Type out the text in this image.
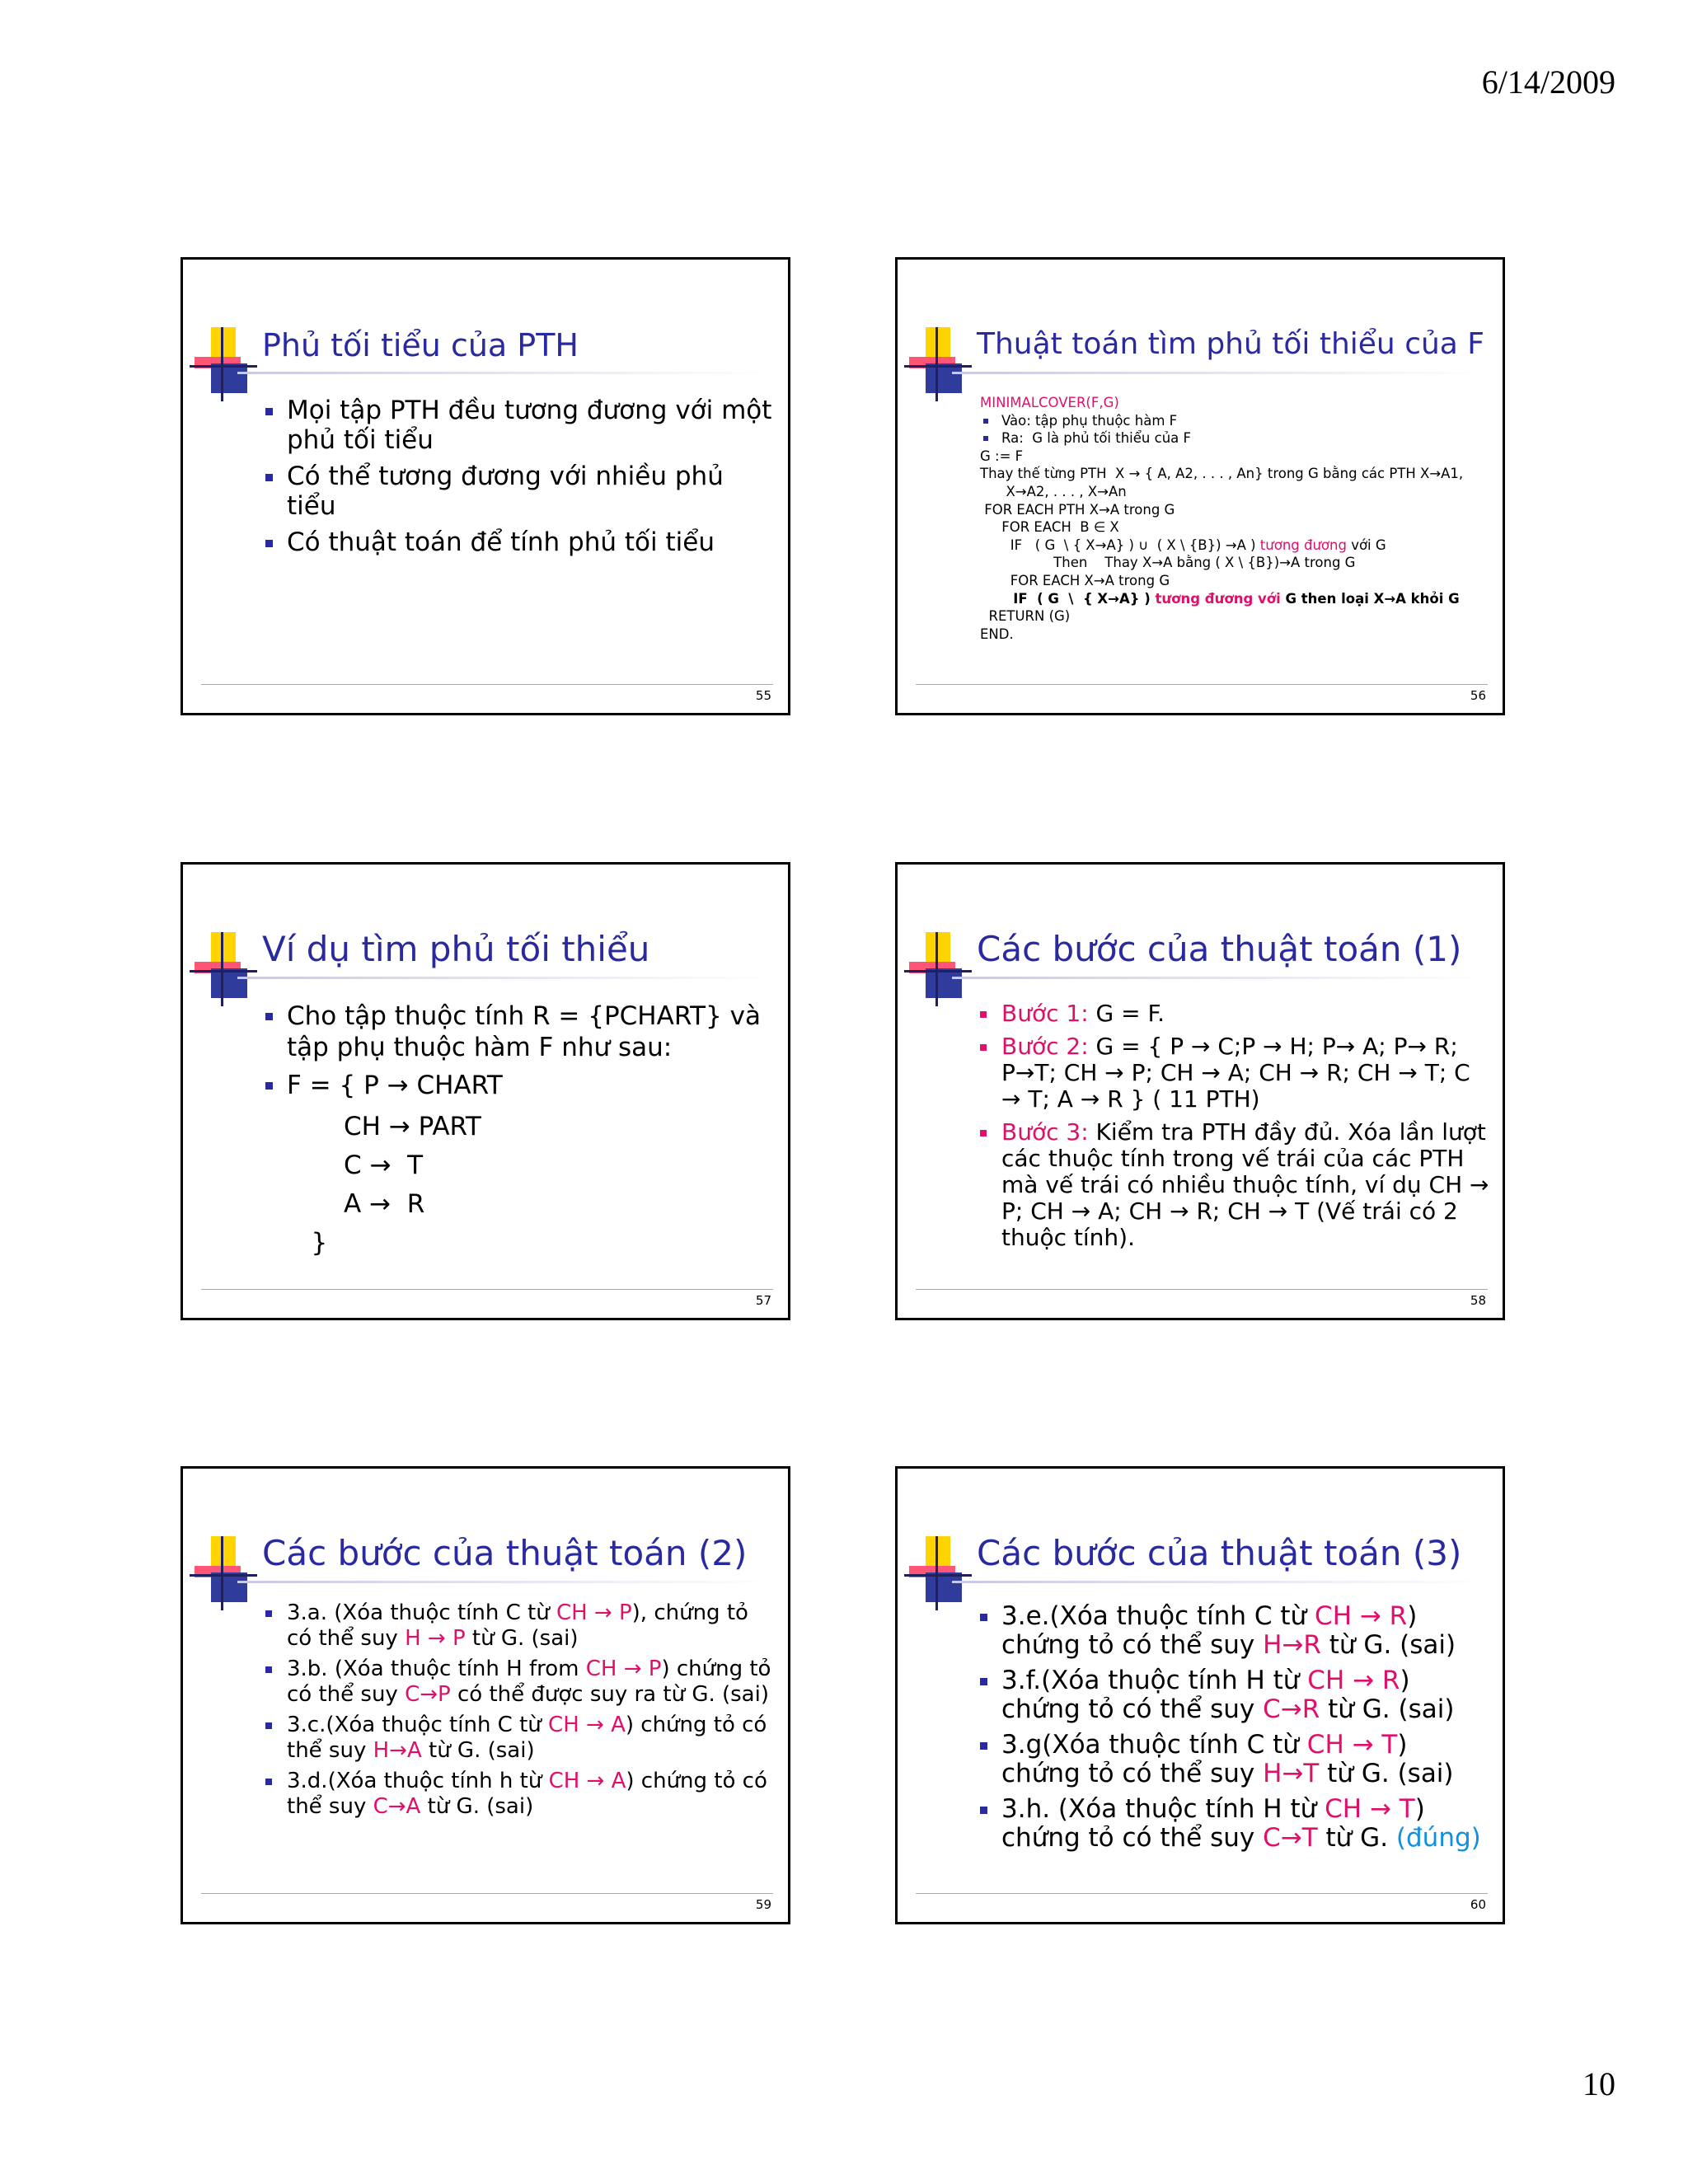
6/14/2009
Phủ tối tiểu của PTH
Mọi tập PTH đều tương đương với một phủ tối tiểu
Có thể tương đương với nhiều phủ tiểu
Có thuật toán để tính phủ tối tiểu
55
Thuật toán tìm phủ tối thiểu của F
MINIMALCOVER(F,G)

Vào: tập phụ thuộc hàm F
Ra:  G là phủ tối thiểu của F
G := F
Thay thế từng PTH  X → { A, A2, . . . , An} trong G bằng các PTH X→A1,
X→A2, . . . , X→An
FOR EACH PTH X→A trong G
FOR EACH  B ∈ X
IF   ( G  \ { X→A} ) ∪  ( X \ {B}) →A ) tương đương với G
Then    Thay X→A bằng ( X \ {B})→A trong G
FOR EACH X→A trong G
IF  ( G  \  { X→A} ) tương đương với G then loại X→A khỏi G
RETURN (G)
END.
56
Ví dụ tìm phủ tối thiểu
Cho tập thuộc tính R = {PCHART} và tập phụ thuộc hàm F như sau:
F = { P → CHART
CH → PART
C →  T
A →  R
}
57
Các bước của thuật toán (1)
Bước 1: G = F.
Bước 2: G = { P → C;P → H; P→ A; P→ R; P→T; CH → P; CH → A; CH → R; CH → T; C → T; A → R } ( 11 PTH)
Bước 3: Kiểm tra PTH đầy đủ. Xóa lần lượt các thuộc tính trong vế trái của các PTH mà vế trái có nhiều thuộc tính, ví dụ CH → P; CH → A; CH → R; CH → T (Vế trái có 2 thuộc tính).
58
Các bước của thuật toán (2)
3.a. (Xóa thuộc tính C từ CH → P), chứng tỏ có thể suy H → P từ G. (sai)
3.b. (Xóa thuộc tính H from CH → P) chứng tỏ có thể suy C→P có thể được suy ra từ G. (sai)
3.c.(Xóa thuộc tính C từ CH → A) chứng tỏ có thể suy H→A từ G. (sai)
3.d.(Xóa thuộc tính h từ CH → A) chứng tỏ có thể suy C→A từ G. (sai)
59
Các bước của thuật toán (3)
3.e.(Xóa thuộc tính C từ CH → R) chứng tỏ có thể suy H→R từ G. (sai)
3.f.(Xóa thuộc tính H từ CH → R) chứng tỏ có thể suy C→R từ G. (sai)
3.g(Xóa thuộc tính C từ CH → T) chứng tỏ có thể suy H→T từ G. (sai)
3.h. (Xóa thuộc tính H từ CH → T) chứng tỏ có thể suy C→T từ G. (đúng)
60
10
